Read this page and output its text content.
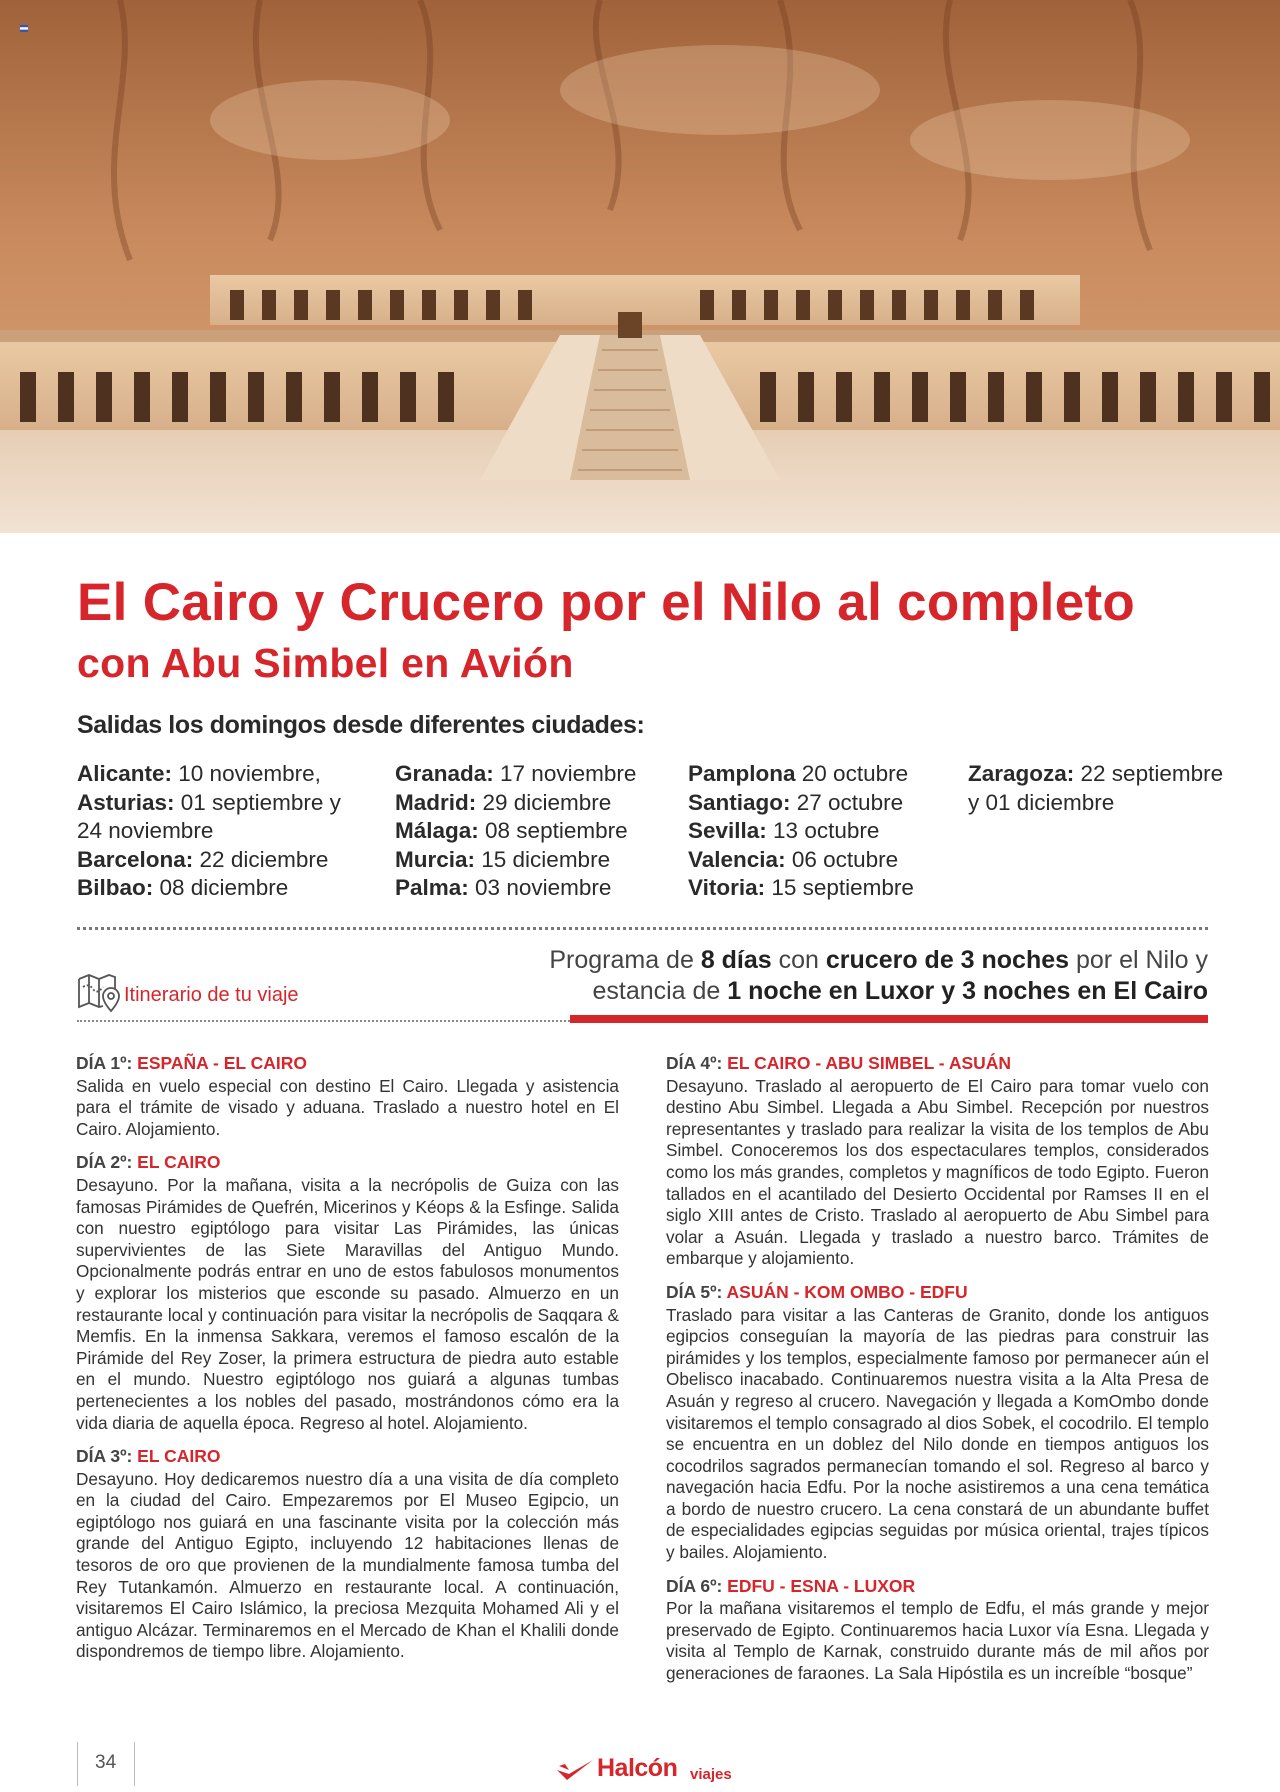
El Cairo y Crucero por el Nilo al completo
con Abu Simbel en Avión
Salidas los domingos desde diferentes ciudades:
Alicante: 10 noviembre,
Asturias: 01 septiembre y 24 noviembre
Barcelona: 22 diciembre
Bilbao: 08 diciembre
Granada: 17 noviembre
Madrid: 29 diciembre
Málaga: 08 septiembre
Murcia: 15 diciembre
Palma: 03 noviembre
Pamplona 20 octubre
Santiago: 27 octubre
Sevilla: 13 octubre
Valencia: 06 octubre
Vitoria: 15 septiembre
Zaragoza: 22 septiembre y 01 diciembre
Programa de 8 días con crucero de 3 noches por el Nilo y
estancia de 1 noche en Luxor y 3 noches en El Cairo
Itinerario de tu viaje
DÍA 1º: ESPAÑA - EL CAIRO

Salida en vuelo especial con destino El Cairo. Llegada y asistencia para el trámite de visado y aduana. Traslado a nuestro hotel en El Cairo. Alojamiento.

DÍA 2º: EL CAIRO

Desayuno. Por la mañana, visita a la necrópolis de Guiza con las famosas Pirámides de Quefrén, Micerinos y Kéops & la Esfinge. Salida con nuestro egiptólogo para visitar Las Pirámides, las únicas supervivientes de las Siete Maravillas del Antiguo Mundo. Opcionalmente podrás entrar en uno de estos fabulosos monumentos y explorar los misterios que esconde su pasado. Almuerzo en un restaurante local y continuación para visitar la necrópolis de Saqqara & Memfis. En la inmensa Sakkara, veremos el famoso escalón de la Pirámide del Rey Zoser, la primera estructura de piedra auto estable en el mundo. Nuestro egiptólogo nos guiará a algunas tumbas pertenecientes a los nobles del pasado, mostrándonos cómo era la vida diaria de aquella época. Regreso al hotel. Alojamiento.

DÍA 3º: EL CAIRO

Desayuno. Hoy dedicaremos nuestro día a una visita de día completo en la ciudad del Cairo. Empezaremos por El Museo Egipcio, un egiptólogo nos guiará en una fascinante visita por la colección más grande del Antiguo Egipto, incluyendo 12 habitaciones llenas de tesoros de oro que provienen de la mundialmente famosa tumba del Rey Tutankamón. Almuerzo en restaurante local. A continuación, visitaremos El Cairo Islámico, la preciosa Mezquita Mohamed Ali y el antiguo Alcázar. Terminaremos en el Mercado de Khan el Khalili donde dispondremos de tiempo libre. Alojamiento.

DÍA 4º: EL CAIRO - ABU SIMBEL - ASUÁN

Desayuno. Traslado al aeropuerto de El Cairo para tomar vuelo con destino Abu Simbel. Llegada a Abu Simbel. Recepción por nuestros representantes y traslado para realizar la visita de los templos de Abu Simbel. Conoceremos los dos espectaculares templos, considerados como los más grandes, completos y magníficos de todo Egipto. Fueron tallados en el acantilado del Desierto Occidental por Ramses II en el siglo XIII antes de Cristo. Traslado al aeropuerto de Abu Simbel para volar a Asuán. Llegada y traslado a nuestro barco. Trámites de embarque y alojamiento.

DÍA 5º: ASUÁN - KOM OMBO - EDFU

Traslado para visitar a las Canteras de Granito, donde los antiguos egipcios conseguían la mayoría de las piedras para construir las pirámides y los templos, especialmente famoso por permanecer aún el Obelisco inacabado. Continuaremos nuestra visita a la Alta Presa de Asuán y regreso al crucero. Navegación y llegada a KomOmbo donde visitaremos el templo consagrado al dios Sobek, el cocodrilo. El templo se encuentra en un doblez del Nilo donde en tiempos antiguos los cocodrilos sagrados permanecían tomando el sol. Regreso al barco y navegación hacia Edfu. Por la noche asistiremos a una cena temática a bordo de nuestro crucero. La cena constará de un abundante buffet de especialidades egipcias seguidas por música oriental, trajes típicos y bailes. Alojamiento.

DÍA 6º: EDFU - ESNA - LUXOR

Por la mañana visitaremos el templo de Edfu, el más grande y mejor preservado de Egipto. Continuaremos hacia Luxor vía Esna. Llegada y visita al Templo de Karnak, construido durante más de mil años por generaciones de faraones. La Sala Hipóstila es un increíble “bosque”

34	Halcón viajes
